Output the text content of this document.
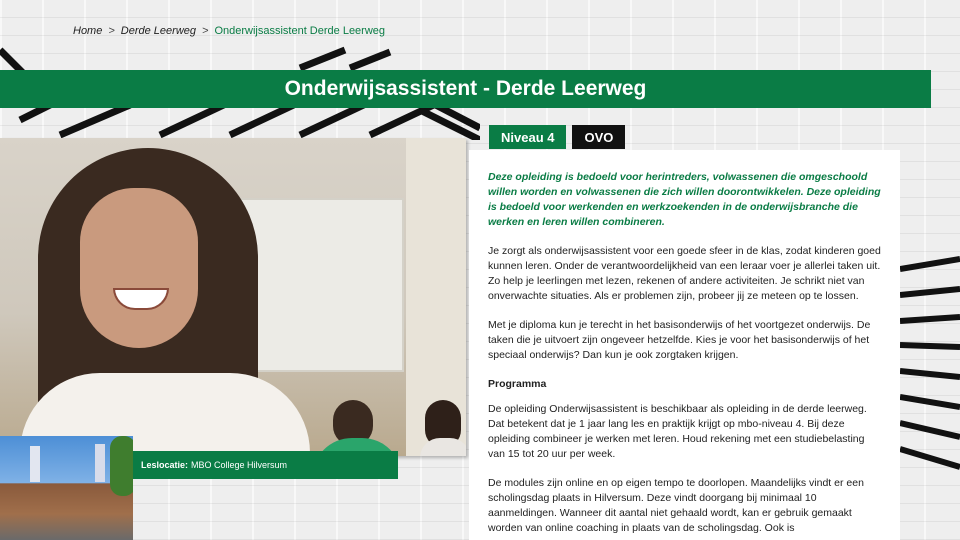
Home > Derde Leerweg > Onderwijsassistent Derde Leerweg
Onderwijsassistent - Derde Leerweg
Niveau 4	OVO
Leslocatie: MBO College Hilversum

Deze opleiding is bedoeld voor herintreders, volwassenen die omgeschoold willen worden en volwassenen die zich willen doorontwikkelen. Deze opleiding is bedoeld voor werkenden en werkzoekenden in de onderwijsbranche die werken en leren willen combineren.

Je zorgt als onderwijsassistent voor een goede sfeer in de klas, zodat kinderen goed kunnen leren. Onder de verantwoordelijkheid van een leraar voer je allerlei taken uit. Zo help je leerlingen met lezen, rekenen of andere activiteiten. Je schrikt niet van onverwachte situaties. Als er problemen zijn, probeer jij ze meteen op te lossen.

Met je diploma kun je terecht in het basisonderwijs of het voortgezet onderwijs. De taken die je uitvoert zijn ongeveer hetzelfde. Kies je voor het basisonderwijs of het speciaal onderwijs? Dan kun je ook zorgtaken krijgen.

Programma

De opleiding Onderwijsassistent is beschikbaar als opleiding in de derde leerweg. Dat betekent dat je 1 jaar lang les en praktijk krijgt op mbo-niveau 4. Bij deze opleiding combineer je werken met leren. Houd rekening met een studiebelasting van 15 tot 20 uur per week.

De modules zijn online en op eigen tempo te doorlopen. Maandelijks vindt er een scholingsdag plaats in Hilversum. Deze vindt doorgang bij minimaal 10 aanmeldingen. Wanneer dit aantal niet gehaald wordt, kan er gebruik gemaakt worden van online coaching in plaats van de scholingsdag. Ook is
